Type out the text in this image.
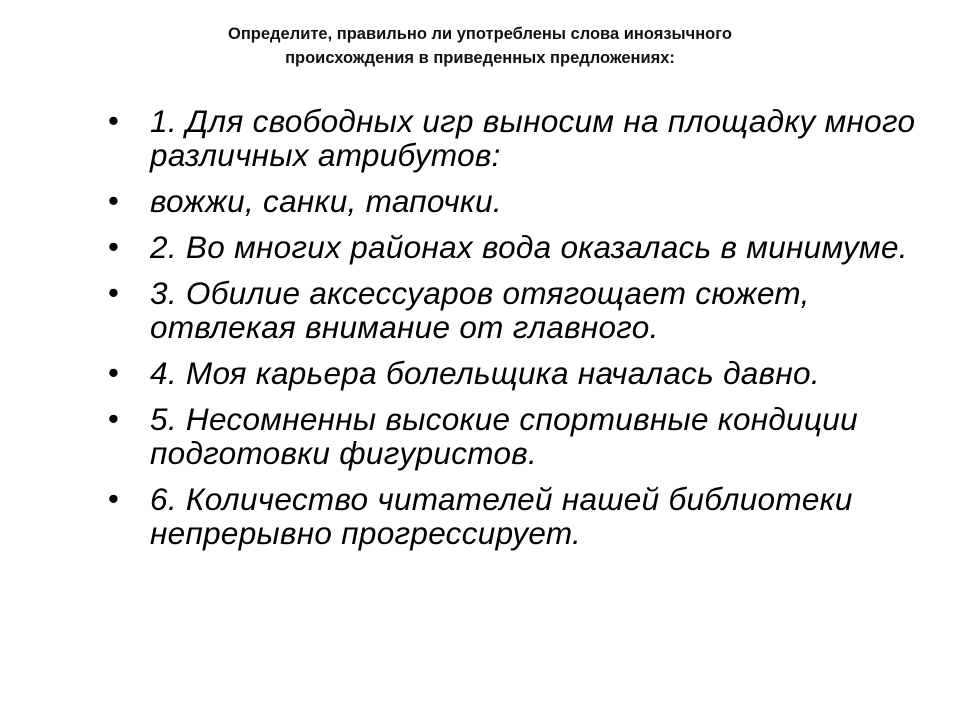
Определите, правильно ли употреблены слова иноязычного
происхождения в приведенных предложениях:
• 1. Для свободных игр выносим на площадку много различных атрибутов:
• вожжи, санки, тапочки.
• 2. Во многих районах вода оказалась в минимуме.
• 3. Обилие аксессуаров отягощает сюжет, отвлекая внимание от главного.
• 4. Моя карьера болельщика началась давно.
• 5. Несомненны высокие спортивные кондиции подготовки фигуристов.
• 6. Количество читателей нашей библиотеки непрерывно прогрессирует.
